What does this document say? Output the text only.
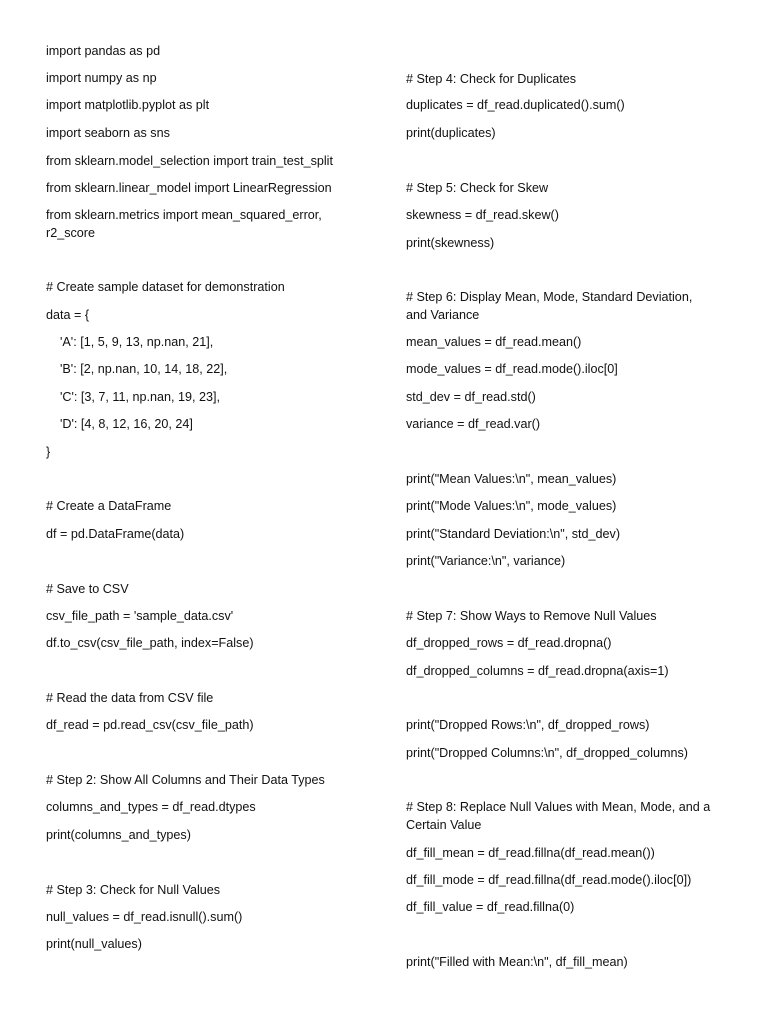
import pandas as pd
import numpy as np
import matplotlib.pyplot as plt
import seaborn as sns
from sklearn.model_selection import train_test_split
from sklearn.linear_model import LinearRegression
from sklearn.metrics import mean_squared_error,
r2_score
# Create sample dataset for demonstration
data = {
'A': [1, 5, 9, 13, np.nan, 21],
'B': [2, np.nan, 10, 14, 18, 22],
'C': [3, 7, 11, np.nan, 19, 23],
'D': [4, 8, 12, 16, 20, 24]
}
# Create a DataFrame
df = pd.DataFrame(data)
# Save to CSV
csv_file_path = 'sample_data.csv'
df.to_csv(csv_file_path, index=False)
# Read the data from CSV file
df_read = pd.read_csv(csv_file_path)
# Step 2: Show All Columns and Their Data Types
columns_and_types = df_read.dtypes
print(columns_and_types)
# Step 3: Check for Null Values
null_values = df_read.isnull().sum()
print(null_values)
# Step 4: Check for Duplicates
duplicates = df_read.duplicated().sum()
print(duplicates)
# Step 5: Check for Skew
skewness = df_read.skew()
print(skewness)
# Step 6: Display Mean, Mode, Standard Deviation,
and Variance
mean_values = df_read.mean()
mode_values = df_read.mode().iloc[0]
std_dev = df_read.std()
variance = df_read.var()
print("Mean Values:\n", mean_values)
print("Mode Values:\n", mode_values)
print("Standard Deviation:\n", std_dev)
print("Variance:\n", variance)
# Step 7: Show Ways to Remove Null Values
df_dropped_rows = df_read.dropna()
df_dropped_columns = df_read.dropna(axis=1)
print("Dropped Rows:\n", df_dropped_rows)
print("Dropped Columns:\n", df_dropped_columns)
# Step 8: Replace Null Values with Mean, Mode, and a
Certain Value
df_fill_mean = df_read.fillna(df_read.mean())
df_fill_mode = df_read.fillna(df_read.mode().iloc[0])
df_fill_value = df_read.fillna(0)
print("Filled with Mean:\n", df_fill_mean)
